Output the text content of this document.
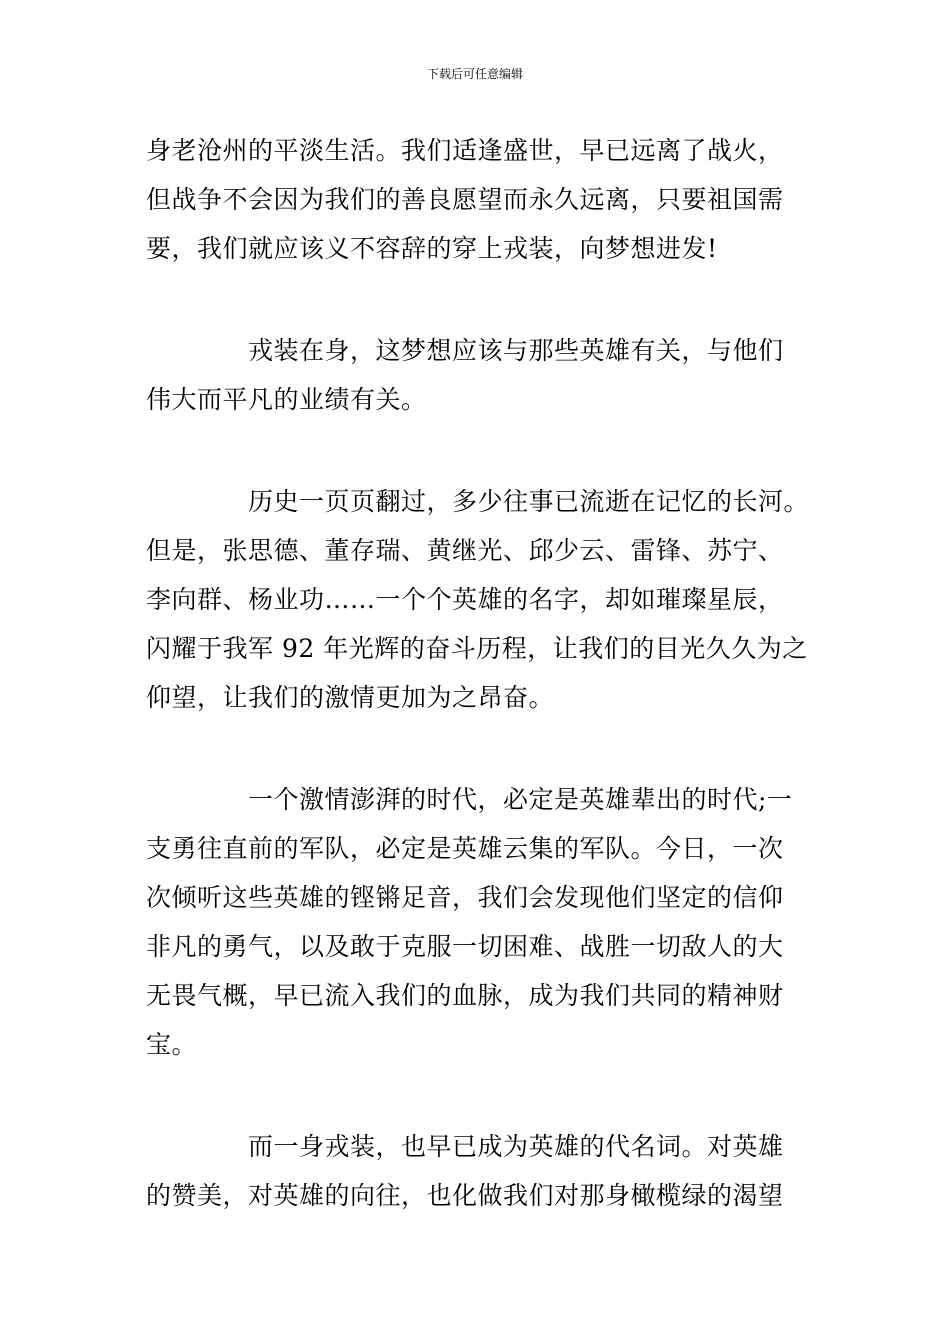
下载后可任意编辑
身老沧州的平淡生活。我们适逢盛世，早已远离了战火，
但战争不会因为我们的善良愿望而永久远离，只要祖国需
要，我们就应该义不容辞的穿上戎装，向梦想进发!
戎装在身，这梦想应该与那些英雄有关，与他们
伟大而平凡的业绩有关。
历史一页页翻过，多少往事已流逝在记忆的长河。
但是，张思德、董存瑞、黄继光、邱少云、雷锋、苏宁、
李向群、杨业功……一个个英雄的名字，却如璀璨星辰，
闪耀于我军 92 年光辉的奋斗历程，让我们的目光久久为之
仰望，让我们的激情更加为之昂奋。
一个激情澎湃的时代，必定是英雄辈出的时代;一
支勇往直前的军队，必定是英雄云集的军队。今日，一次
次倾听这些英雄的铿锵足音，我们会发现他们坚定的信仰
非凡的勇气，以及敢于克服一切困难、战胜一切敌人的大
无畏气概，早已流入我们的血脉，成为我们共同的精神财
宝。
而一身戎装，也早已成为英雄的代名词。对英雄
的赞美，对英雄的向往，也化做我们对那身橄榄绿的渴望
